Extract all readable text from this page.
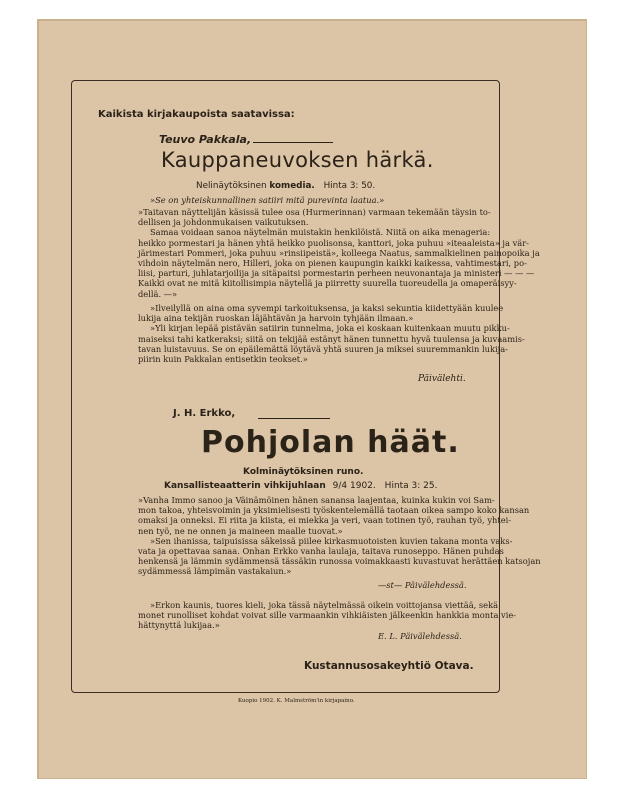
Kaikista kirjakaupoista saatavissa:
Teuvo Pakkala,
Kauppaneuvoksen härkä.
Nelinäytöksinen komedia. Hinta 3: 50.
»Se on yhteiskunnallinen satiiri mitä purevinta laatua.»
»Taitavan näyttelijän käsissä tulee osa (Hurmerinnan) varmaan tekemään täysin to-
dellisen ja johdonmukaisen vaikutuksen.
Samaa voidaan sanoa näytelmän muistakin henkilöistä. Niitä on aika menageria:
heikko pormestari ja hänen yhtä heikko puolisonsa, kanttori, joka puhuu »iteaaleista» ja vär-
järimestari Pommeri, joka puhuu »rinsiipeistä», kolleega Naatus, sammalkielinen painopoika ja
vihdoin näytelmän nero, Hilleri, joka on pienen kaupungin kaikki kaikessa, vahtimestari, po-
liisi, parturi, juhlatarjoilija ja sitäpaitsi pormestarin perheen neuvonantaja ja ministeri — — —
Kaikki ovat ne mitä kiitollisimpia näytellä ja piirretty suurella tuoreudella ja omaperäisyy-
dellä. —»
»Ilveilyllä on aina oma syvempi tarkoituksensa, ja kaksi sekuntia kiidettyään kuulee
lukija aina tekijän ruoskan läjähtävän ja harvoin tyhjään ilmaan.»
»Yli kirjan lepää pistävän satiirin tunnelma, joka ei koskaan kuitenkaan muutu pikku-
maiseksi tahi katkeraksi; siitä on tekijää estänyt hänen tunnettu hyvä tuulensa ja kuvaamis-
tavan luistavuus. Se on epäilemättä löytävä yhtä suuren ja miksei suuremmankin lukija-
piirin kuin Pakkalan entisetkin teokset.»
Päivälehti.
J. H. Erkko,
Pohjolan häät.
Kolminäytöksinen runo.
Kansallisteaatterin vihkijuhlaan 9/4 1902. Hinta 3: 25.
»Vanha Immo sanoo ja Väinämöinen hänen sanansa laajentaa, kuinka kukin voi Sam-
mon takoa, yhteisvoimin ja yksimielisesti työskentelemällä taotaan oikea sampo koko kansan
omaksi ja onneksi. Ei riita ja kiista, ei miekka ja veri, vaan totinen työ, rauhan työ, yhtei-
nen työ, ne ne onnen ja maineen maalle tuovat.»
»Sen ihanissa, taipuisissa säkeissä piilee kirkasmuotoisten kuvien takana monta vaks-
vata ja opettavaa sanaa. Onhan Erkko vanha laulaja, taitava runoseppo. Hänen puhdas
henkensä ja lämmin sydämmensä tässäkin runossa voimakkaasti kuvastuvat herättäen katsojan
sydämmessä lämpimän vastakaiun.»
—st— Päivälehdessä.
»Erkon kaunis, tuores kieli, joka tässä näytelmässä oikein voittojansa viettää, sekä
monet runolliset kohdat voivat sille varmaankin vihkiäisten jälkeenkin hankkia monta vie-
hättynyttä lukijaa.»
E. L. Päivälehdessä.
Kustannusosakeyhtiö Otava.
Kuopio 1902. K. Malmström'in kirjapaino.
